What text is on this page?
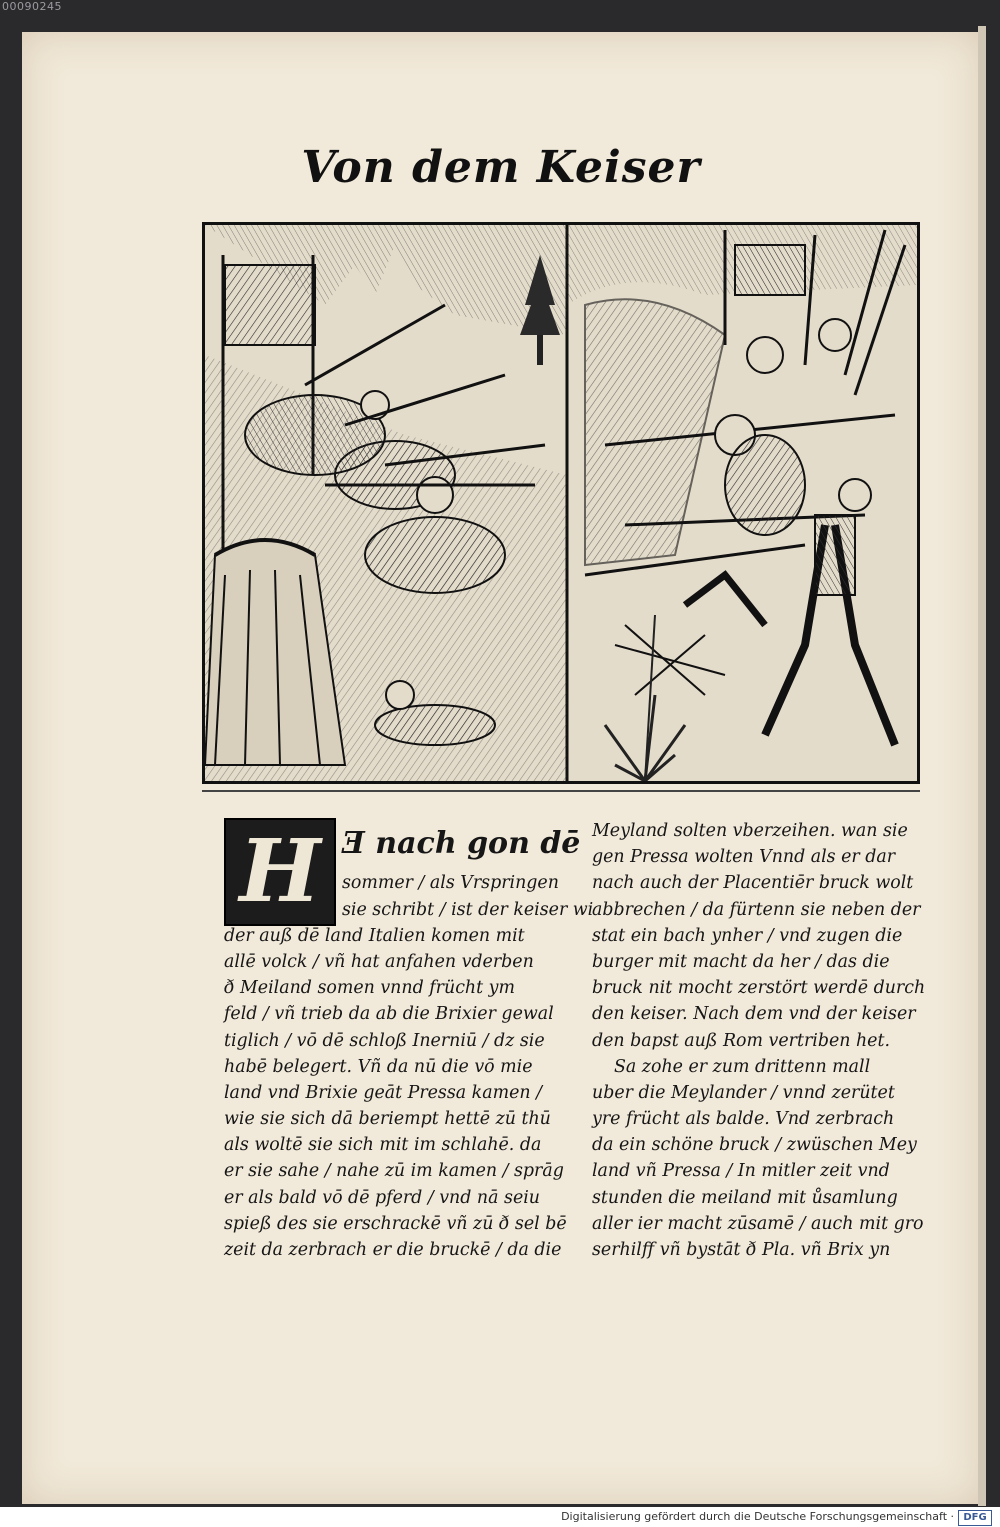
00090245
Von dem Keiser
H Ǝ nach gon dē
sommer / als Vrspringen
sie schribt / ist der keiser wi
der auß dē land Italien komen mit
allē volck / vñ hat anfahen vderben
ð Meiland somen vnnd frücht ym
feld / vñ trieb da ab die Brixier gewal
tiglich / vō dē schloß Inerniū / dz sie
habē belegert. Vñ da nū die vō mie
land vnd Brixie geāt Pressa kamen /
wie sie sich dā beriempt hettē zū thū
als woltē sie sich mit im schlahē. da
er sie sahe / nahe zū im kamen / sprāg
er als bald vō dē pferd / vnd nā seiu
spieß des sie erschrackē vñ zū ð sel bē
zeit da zerbrach er die bruckē / da die
Meyland solten vberzeihen. wan sie
gen Pressa wolten Vnnd als er dar
nach auch der Placentiēr bruck wolt
abbrechen / da fürtenn sie neben der
stat ein bach ynher / vnd zugen die
burger mit macht da her / das die
bruck nit mocht zerstört werdē durch
den keiser. Nach dem vnd der keiser
den bapst auß Rom vertriben het.
Sa zohe er zum drittenn mall
uber die Meylander / vnnd zerütet
yre frücht als balde. Vnd zerbrach
da ein schöne bruck / zwüschen Mey
land vñ Pressa / In mitler zeit vnd
stunden die meiland mit ůsamlung
aller ier macht zūsamē / auch mit gro
serhilff vñ bystāt ð Pla. vñ Brix yn
Digitalisierung gefördert durch die Deutsche Forschungsgemeinschaft · DFG
